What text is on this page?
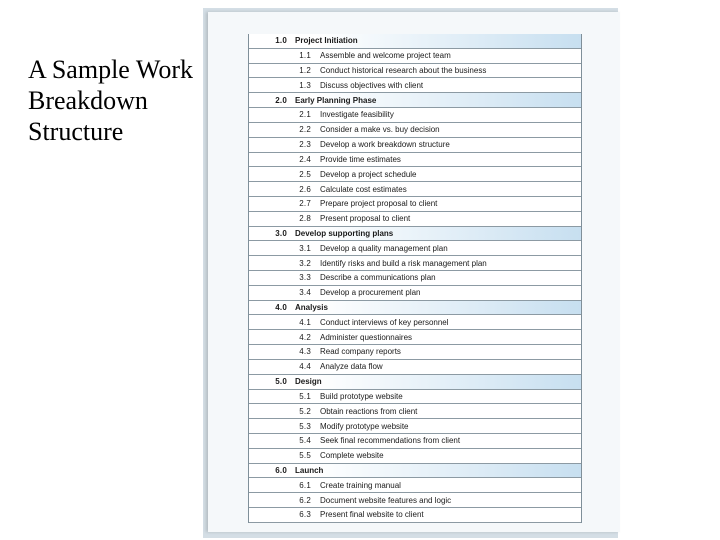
A Sample Work Breakdown Structure
1.0 Project Initiation
1.1 Assemble and welcome project team
1.2 Conduct historical research about the business
1.3 Discuss objectives with client
2.0 Early Planning Phase
2.1 Investigate feasibility
2.2 Consider a make vs. buy decision
2.3 Develop a work breakdown structure
2.4 Provide time estimates
2.5 Develop a project schedule
2.6 Calculate cost estimates
2.7 Prepare project proposal to client
2.8 Present proposal to client
3.0 Develop supporting plans
3.1 Develop a quality management plan
3.2 Identify risks and build a risk management plan
3.3 Describe a communications plan
3.4 Develop a procurement plan
4.0 Analysis
4.1 Conduct interviews of key personnel
4.2 Administer questionnaires
4.3 Read company reports
4.4 Analyze data flow
5.0 Design
5.1 Build prototype website
5.2 Obtain reactions from client
5.3 Modify prototype website
5.4 Seek final recommendations from client
5.5 Complete website
6.0 Launch
6.1 Create training manual
6.2 Document website features and logic
6.3 Present final website to client
